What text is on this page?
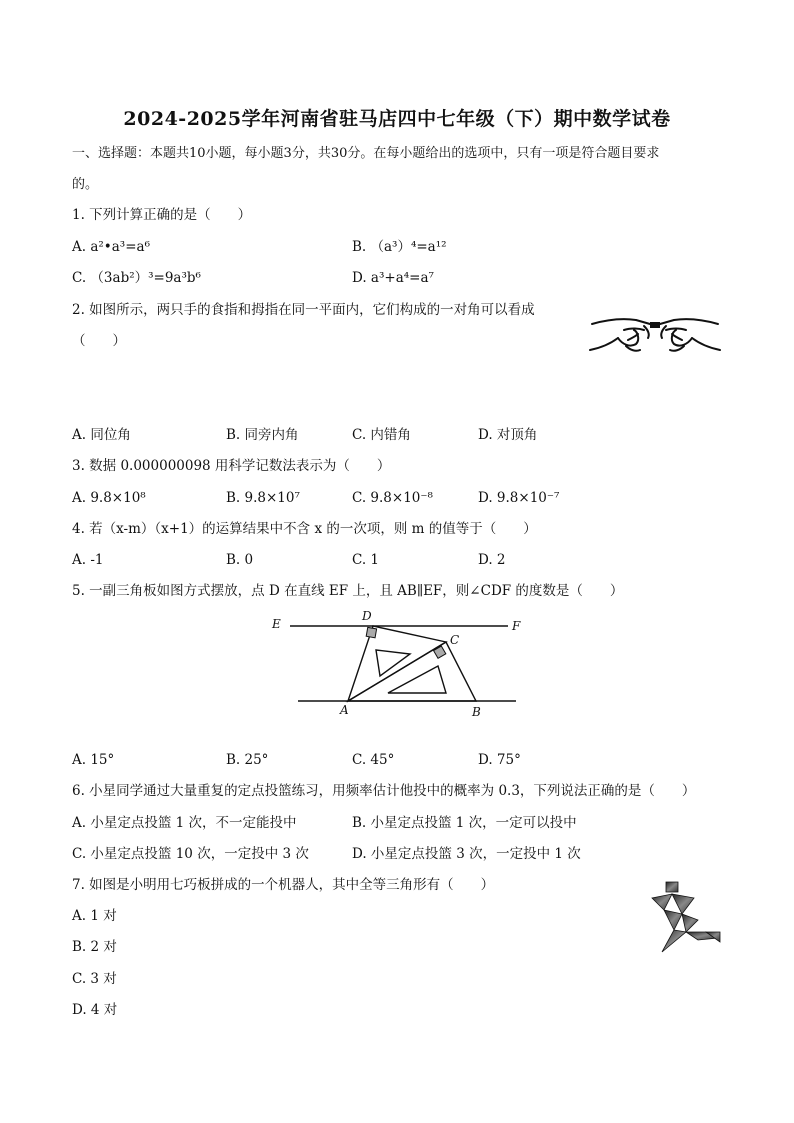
2024-2025学年河南省驻马店四中七年级（下）期中数学试卷
一、选择题：本题共10小题，每小题3分，共30分。在每小题给出的选项中，只有一项是符合题目要求
的。
1. 下列计算正确的是（　　）
A. a²•a³=a⁶	B. （a³）⁴=a¹²
C. （3ab²）³=9a³b⁶	D. a³+a⁴=a⁷
2. 如图所示，两只手的食指和拇指在同一平面内，它们构成的一对角可以看成
（　　）
A. 同位角	B. 同旁内角	C. 内错角	D. 对顶角
3. 数据 0.000000098 用科学记数法表示为（　　）
A. 9.8×10⁸	B. 9.8×10⁷	C. 9.8×10⁻⁸	D. 9.8×10⁻⁷
4. 若（x-m）（x+1）的运算结果中不含 x 的一次项，则 m 的值等于（　　）
A. -1	B. 0	C. 1	D. 2
5. 一副三角板如图方式摆放，点 D 在直线 EF 上，且 AB∥EF，则∠CDF 的度数是（　　）
E	F
D
C
A	B
A. 15°	B. 25°	C. 45°	D. 75°
6. 小星同学通过大量重复的定点投篮练习，用频率估计他投中的概率为 0.3，下列说法正确的是（　　）
A. 小星定点投篮 1 次，不一定能投中	B. 小星定点投篮 1 次，一定可以投中
C. 小星定点投篮 10 次，一定投中 3 次	D. 小星定点投篮 3 次，一定投中 1 次
7. 如图是小明用七巧板拼成的一个机器人，其中全等三角形有（　　）
A. 1 对
B. 2 对
C. 3 对
D. 4 对
